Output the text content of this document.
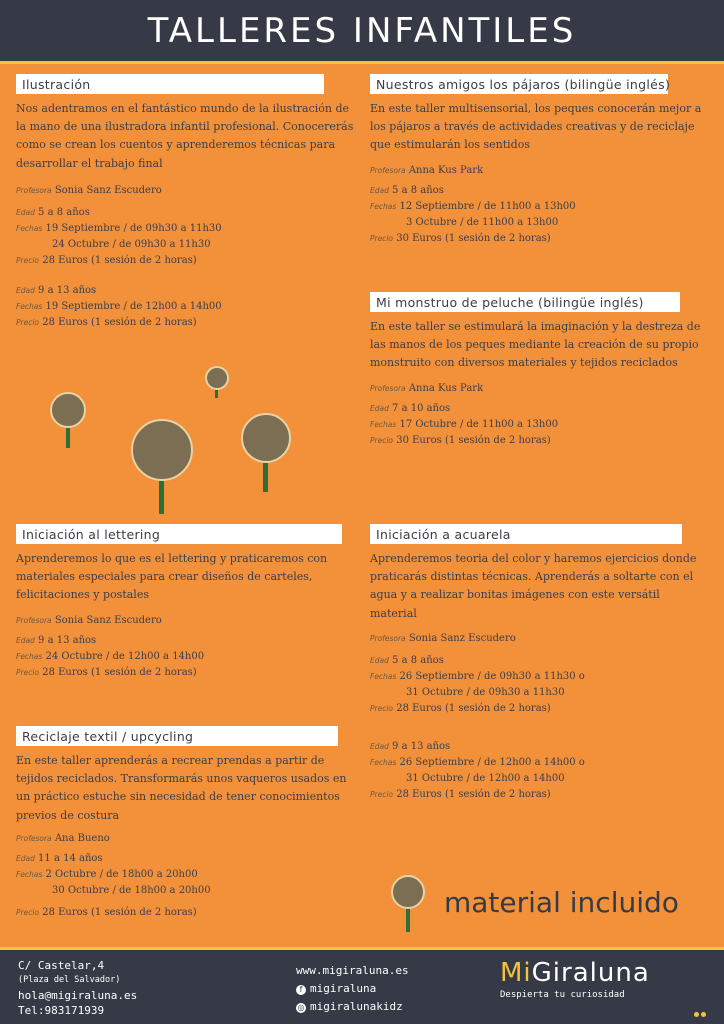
TALLERES INFANTILES
Ilustración
Nos adentramos en el fantástico mundo de la ilustración de la mano de una ilustradora infantil profesional. Conocererás como se crean los cuentos y aprenderemos técnicas para desarrollar el trabajo final
Profesora
Sonia Sanz Escudero
Edad
5 a 8 años
Fechas
19 Septiembre / de 09h30 a 11h30
24 Octubre / de 09h30 a 11h30
Precio
28 Euros (1 sesión de 2 horas)
Edad
9 a 13 años
Fechas
19 Septiembre / de 12h00 a 14h00
Precio
28 Euros (1 sesión de 2 horas)
Nuestros amigos los pájaros (bilingüe inglés)
En este taller multisensorial, los peques conocerán mejor a los pájaros a través de actividades creativas y de reciclaje que estimularán los sentidos
Profesora
Anna Kus Park
Edad
5 a 8 años
Fechas
12 Septiembre / de 11h00 a 13h00
3 Octubre / de 11h00 a 13h00
Precio
30 Euros (1 sesión de 2 horas)
Mi monstruo de peluche (bilingüe inglés)
En este taller se estimulará la imaginación y la destreza de las manos de los peques mediante la creación de su propio monstruito con diversos materiales y tejidos reciclados
Profesora
Anna Kus Park
Edad
7 a 10 años
Fechas
17 Octubre / de 11h00 a 13h00
Precio
30 Euros (1 sesión de 2 horas)
Iniciación al lettering
Aprenderemos lo que es el lettering y praticaremos con materiales especiales para crear diseños de carteles, felicitaciones y postales
Profesora
Sonia Sanz Escudero
Edad
9 a 13 años
Fechas
24 Octubre / de 12h00 a 14h00
Precio
28 Euros (1 sesión de 2 horas)
Iniciación a acuarela
Aprenderemos teoria del color y haremos ejercicios donde praticarás distintas técnicas. Aprenderás a soltarte con el agua y a realizar bonitas imágenes con este versátil material
Profesora
Sonia Sanz Escudero
Edad
5 a 8 años
Fechas
26 Septiembre / de 09h30 a 11h30 o
31 Octubre / de 09h30 a 11h30
Precio
28 Euros (1 sesión de 2 horas)
Edad
9 a 13 años
Fechas
26 Septiembre / de 12h00 a 14h00 o
31 Octubre / de 12h00 a 14h00
Precio
28 Euros (1 sesión de 2 horas)
Reciclaje textil / upcycling
En este taller aprenderás a recrear prendas a partir de tejidos reciclados. Transformarás unos vaqueros usados en un práctico estuche sin necesidad de tener conocimientos previos de costura
Profesora
Ana Bueno
Edad
11 a 14 años
Fechas
2 Octubre / de 18h00 a 20h00
30 Octubre / de 18h00 a 20h00
Precio
28 Euros (1 sesión de 2 horas)	material incluido
C/ Castelar,4
(Plaza del Salvador)
hola@migiraluna.es
Tel:983171939
www.migiraluna.es
f migiraluna
◎ migiralunakidz
MiGiraluna
Despierta tu curiosidad
